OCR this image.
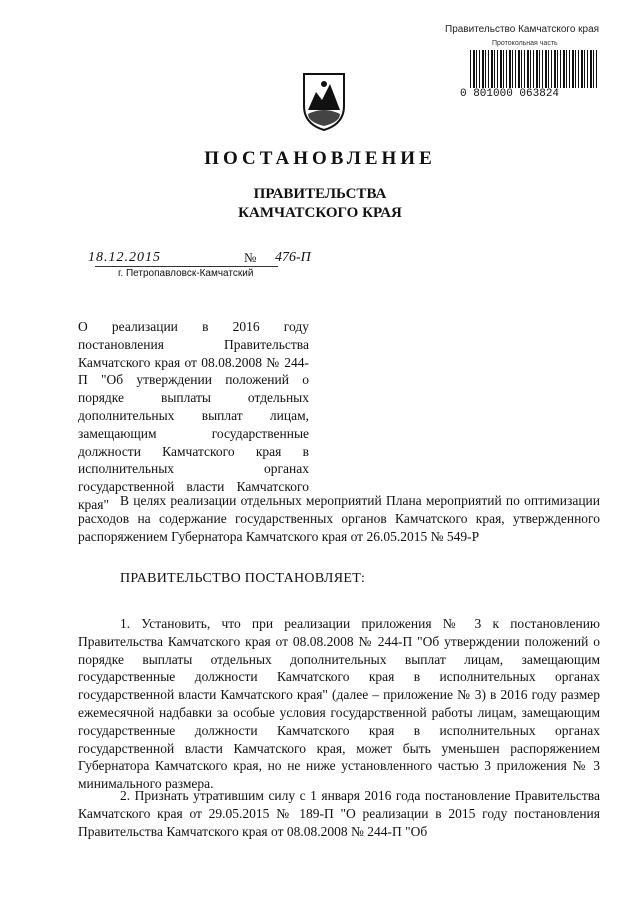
Правительство Камчатского края
Протокольная часть
0 801000 063824
ПОСТАНОВЛЕНИЕ
ПРАВИТЕЛЬСТВА
КАМЧАТСКОГО КРАЯ
18.12.2015	№ 476-П
г. Петропавловск-Камчатский
О реализации в 2016 году постановления Правительства Камчатского края от 08.08.2008 № 244-П "Об утверждении положений о порядке выплаты отдельных дополнительных выплат лицам, замещающим государственные должности Камчатского края в исполнительных органах государственной власти Камчатского края" В целях реализации отдельных мероприятий Плана мероприятий по оптимизации расходов на содержание государственных органов Камчатского края, утвержденного распоряжением Губернатора Камчатского края от 26.05.2015 № 549-Р
ПРАВИТЕЛЬСТВО ПОСТАНОВЛЯЕТ:
1. Установить, что при реализации приложения № 3 к постановлению Правительства Камчатского края от 08.08.2008 № 244-П "Об утверждении положений о порядке выплаты отдельных дополнительных выплат лицам, замещающим государственные должности Камчатского края в исполнительных органах государственной власти Камчатского края" (далее – приложение № 3) в 2016 году размер ежемесячной надбавки за особые условия государственной работы лицам, замещающим государственные должности Камчатского края в исполнительных органах государственной власти Камчатского края, может быть уменьшен распоряжением Губернатора Камчатского края, но не ниже установленного частью 3 приложения № 3 минимального размера.
2. Признать утратившим силу с 1 января 2016 года постановление Правительства Камчатского края от 29.05.2015 № 189-П "О реализации в 2015 году постановления Правительства Камчатского края от 08.08.2008 № 244-П "Об
